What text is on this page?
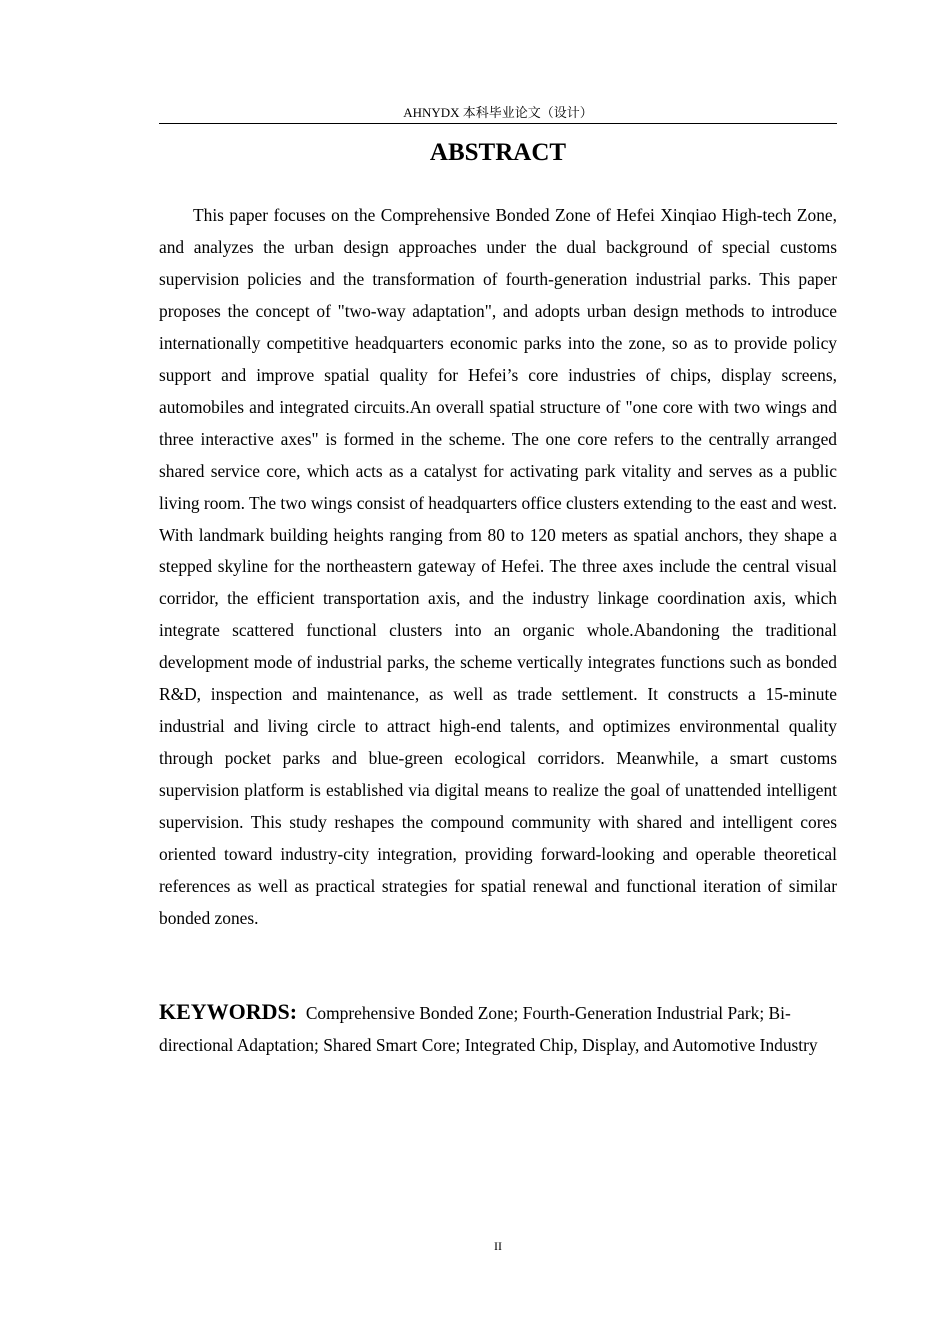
AHNYDX 本科毕业论文（设计）
ABSTRACT

This paper focuses on the Comprehensive Bonded Zone of Hefei Xinqiao High-tech Zone, and analyzes the urban design approaches under the dual background of special customs supervision policies and the transformation of fourth-generation industrial parks. This paper proposes the concept of "two-way adaptation", and adopts urban design methods to introduce internationally competitive headquarters economic parks into the zone, so as to provide policy support and improve spatial quality for Hefei’s core industries of chips, display screens, automobiles and integrated circuits.An overall spatial structure of "one core with two wings and three interactive axes" is formed in the scheme. The one core refers to the centrally arranged shared service core, which acts as a catalyst for activating park vitality and serves as a public living room. The two wings consist of headquarters office clusters extending to the east and west. With landmark building heights ranging from 80 to 120 meters as spatial anchors, they shape a stepped skyline for the northeastern gateway of Hefei. The three axes include the central visual corridor, the efficient transportation axis, and the industry linkage coordination axis, which integrate scattered functional clusters into an organic whole.Abandoning the traditional development mode of industrial parks, the scheme vertically integrates functions such as bonded R&D, inspection and maintenance, as well as trade settlement. It constructs a 15-minute industrial and living circle to attract high-end talents, and optimizes environmental quality through pocket parks and blue-green ecological corridors. Meanwhile, a smart customs supervision platform is established via digital means to realize the goal of unattended intelligent supervision. This study reshapes the compound community with shared and intelligent cores oriented toward industry-city integration, providing forward-looking and operable theoretical references as well as practical strategies for spatial renewal and functional iteration of similar bonded zones.

KEYWORDS: Comprehensive Bonded Zone; Fourth-Generation Industrial Park; Bi-directional Adaptation; Shared Smart Core; Integrated Chip, Display, and Automotive Industry

II
